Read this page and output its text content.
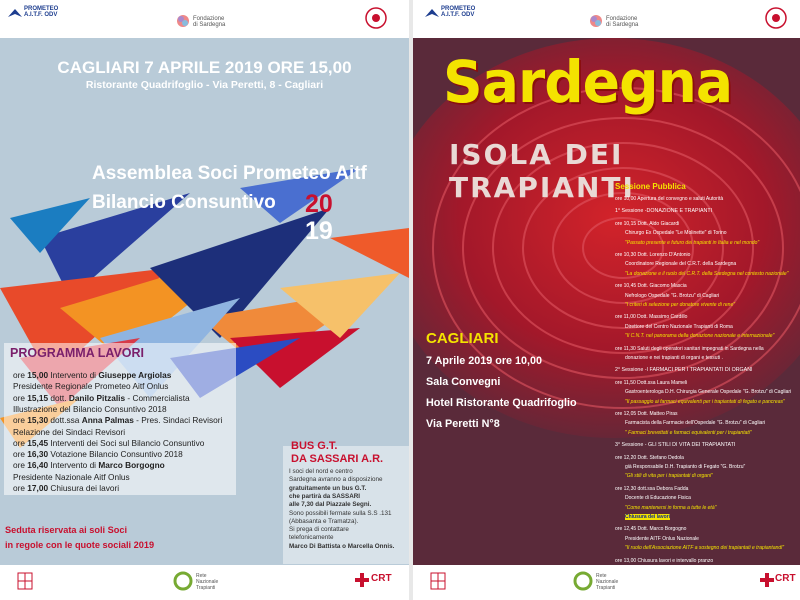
PROMETEO
A.I.T.F. ODV
Fondazione
di Sardegna
CAGLIARI 7 APRILE 2019 ORE 15,00
Ristorante Quadrifoglio - Via Peretti, 8 - Cagliari
Assemblea Soci Prometeo Aitf
Bilancio Consuntivo 20
19
PROGRAMMA LAVORI
Seduta riservata ai soli Soci
in regole con le quote sociali 2019
BUS G.T.
DA SASSARI A.R.
Rete
Nazionale
Trapianti
CRT
ore 15,00 Intervento di Giuseppe Argiolas
Presidente Regionale Prometeo Aitf Onlus
ore 15,15 dott. Danilo Pitzalis - Commercialista
Illustrazione del Bilancio Consuntivo 2018
ore 15,30 dott.ssa Anna Palmas - Pres. Sindaci Revisori
Relazione dei Sindaci Revisori
ore 15,45 Interventi dei Soci sul Bilancio Consuntivo
ore 16,30 Votazione Bilancio Consuntivo 2018
ore 16,40 Intervento di Marco Borgogno
Presidente Nazionale Aitf Onlus
ore 17,00 Chiusura dei lavori
I soci del nord e centro
Sardegna avranno a disposizione
gratuitamente un bus G.T.
che partirà da SASSARI
alle 7,30 dal Piazzale Segni.
Sono possibili fermate sulla S.S .131
(Abbasanta e Tramatza).
Si prega di contattare
telefonicamente
Marco Di Battista o Marcella Onnis.
PROMETEO
A.I.T.F. ODV
Fondazione
di Sardegna
Sardegna
ISOLA DEI TRAPIANTI
CAGLIARI
Rete
Nazionale
Trapianti
CRT
7 Aprile 2019 ore 10,00
Sala Convegni
Hotel Ristorante Quadrifoglio
Via Peretti N°8
Sessione Pubblica
ore 10,00 Apertura del convegno e saluti Autorità
1° Sessione -DONAZIONE E TRAPIANTI
ore 10,15 Dott. Aldo Giacardi
Chirurgo Ex Ospedale "Le Molinette" di Torino
"Passato presente e futuro dei trapianti in Italia e nel mondo"
ore 10,30 Dott. Lorenzo D'Antonio
Coordinatore Regionale del C.R.T. della Sardegna
"La donazione e il ruolo del C.R.T. della Sardegna nel contesto nazionale"
ore 10,45 Dott. Giacomo Mascia
Nefrologo Ospedale "G. Brotzu" di Cagliari
"I criteri di selezione per donatore vivente di rene"
ore 11,00 Dott. Massimo Cardillo
Direttore del Centro Nazionale Trapianti di Roma
"Il C.N.T. nel panorama della donazione nazionale e internazionale"
ore 11,30 Saluti degli operatori sanitari impegnati in Sardegna nella
donazione e nei trapianti di organi e tessuti .
2° Sessione -I FARMACI PER I TRAPIANTATI DI ORGANI
ore 11,50 Dott.ssa Laura Mameli
Gastroenterologa D.H. Chirurgia Generale Ospedale "G. Brotzu" di Cagliari
"Il passaggio ai farmaci equivalenti per i trapiantati di fegato e pancreas"
ore 12,05 Dott. Matteo Piras
Farmacista della Farmacie dell'Ospedale "G. Brotzu" di Cagliari
" Farmaci brevettati e farmaci equivalenti per i trapiantati"
3° Sessione - GLI STILI DI VITA DEI TRAPIANTATI
ore 12,20 Dott. Stefano Dedola
già Responsabile D.H. Trapianto di Fegato "G. Brotzu"
"Gli stili di vita per i trapiantati di organi"
ore 12,30 dott.ssa Debora Fadda
Docente di Educazione Fisica
"Come mantenersi in forma a tutte le età"
Chiusura dei lavori
ore 12,45 Dott. Marco Borgogno
Presidente AITF Onlus Nazionale
"Il ruolo dell'Associazione AITF a sostegno dei trapiantati e trapiantandi"
ore 13,00 Chiusura lavori e intervallo pranzo
